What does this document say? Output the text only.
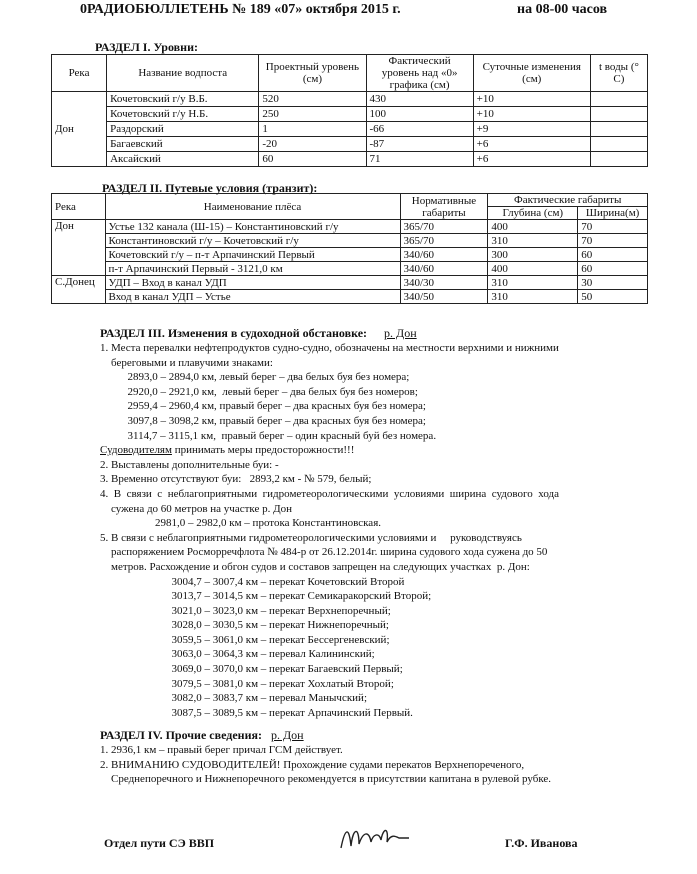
0РАДИОБЮЛЛЕТЕНЬ № 189 «07» октября 2015 г.	на 08-00 часов
РАЗДЕЛ I. Уровни:
Река	Название водпоста	Проектный уровень (см)	Фактический уровень над «0» графика (см)	Суточные изменения (см)	t воды (° С)
Дон	Кочетовский г/у В.Б.	520	430	+10	
	Кочетовский г/у Н.Б.	250	100	+10	
	Раздорский	1	-66	+9	
	Багаевский	-20	-87	+6	
	Аксайский	60	71	+6	
РАЗДЕЛ II. Путевые условия (транзит):
Река	Наименование плёса	Нормативные габариты	Фактические габариты	
			Глубина (см)	Ширина(м)
Дон	Устье 132 канала (Ш-15) – Константиновский г/у	365/70	400	70
	Константиновский г/у – Кочетовский г/у	365/70	310	70
	Кочетовский г/у – п-т Арпачинский Первый	340/60	300	60
	п-т Арпачинский Первый - 3121,0 км	340/60	400	60
С.Донец	УДП – Вход в канал УДП	340/30	310	30
	Вход в канал УДП – Устье	340/50	310	50
РАЗДЕЛ III. Изменения в судоходной обстановке: р. Дон
1. Места перевалки нефтепродуктов судно-судно, обозначены на местности верхними и нижними
береговыми и плавучими знаками:
2893,0 – 2894,0 км, левый берег – два белых буя без номера;
2920,0 – 2921,0 км,  левый берег – два белых буя без номеров;
2959,4 – 2960,4 км, правый берег – два красных буя без номера;
3097,8 – 3098,2 км, правый берег – два красных буя без номера;
3114,7 – 3115,1 км,  правый берег – один красный буй без номера.
Судоводителям принимать меры предосторожности!!!
2. Выставлены дополнительные буи: -
3. Временно отсутствуют буи:   2893,2 км - № 579, белый;
4.  В  связи  с  неблагоприятными  гидрометеорологическими  условиями  ширина  судового  хода
сужена до 60 метров на участке р. Дон
2981,0 – 2982,0 км – протока Константиновская.
5. В связи с неблагоприятными гидрометеорологическими условиями и     руководствуясь
распоряжением Росморречфлота № 484-р от 26.12.2014г. ширина судового хода сужена до 50
метров. Расхождение и обгон судов и составов запрещен на следующих участках  р. Дон:
3004,7 – 3007,4 км – перекат Кочетовский Второй
3013,7 – 3014,5 км – перекат Семикаракорский Второй;
3021,0 – 3023,0 км – перекат Верхнепоречный;
3028,0 – 3030,5 км – перекат Нижнепоречный;
3059,5 – 3061,0 км – перекат Бессергеневский;
3063,0 – 3064,3 км – перевал Калининский;
3069,0 – 3070,0 км – перекат Багаевский Первый;
3079,5 – 3081,0 км – перекат Хохлатый Второй;
3082,0 – 3083,7 км – перевал Манычский;
3087,5 – 3089,5 км – перекат Арпачинский Первый.
РАЗДЕЛ IV. Прочие сведения: р. Дон
1. 2936,1 км – правый берег причал ГСМ действует.
2. ВНИМАНИЮ СУДОВОДИТЕЛЕЙ! Прохождение судами перекатов Верхнепореченого,
Среднепоречного и Нижнепоречного рекомендуется в присутствии капитана в рулевой рубке.
Отдел пути СЭ ВВП	Г.Ф. Иванова
